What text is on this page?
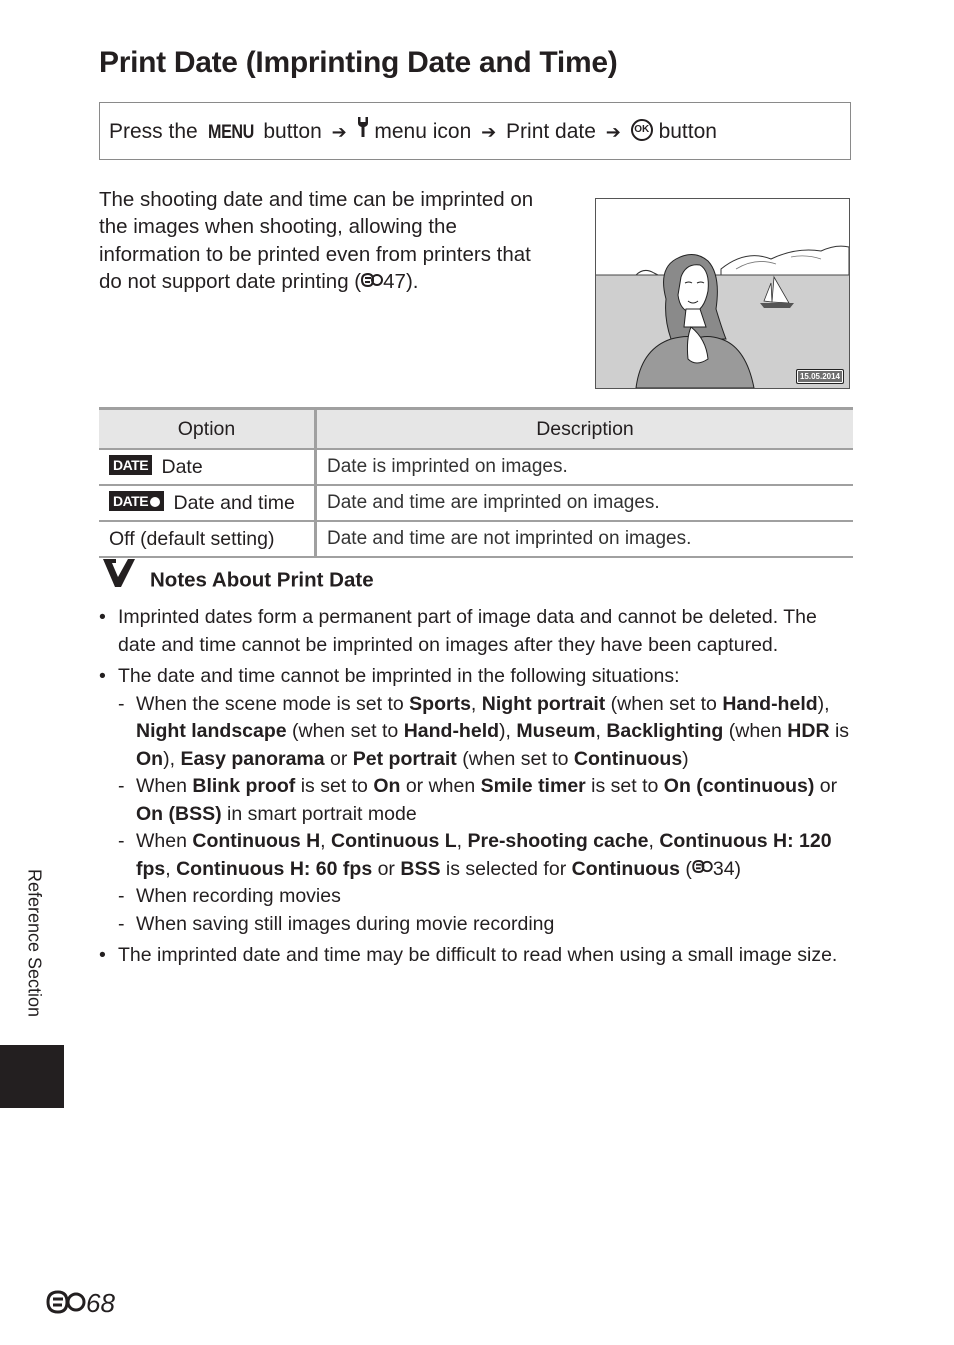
Print Date (Imprinting Date and Time)
Press the MENU button ➔ menu icon ➔ Print date ➔ OK button

The shooting date and time can be imprinted on the images when shooting, allowing the information to be printed even from printers that do not support date printing ( 47).

15.05.2014
Option	Description
DATE Date	Date is imprinted on images.
DATE Date and time	Date and time are imprinted on images.
Off (default setting)	Date and time are not imprinted on images.
Notes About Print Date
• Imprinted dates form a permanent part of image data and cannot be deleted. The date and time cannot be imprinted on images after they have been captured.
• The date and time cannot be imprinted in the following situations:
- When the scene mode is set to Sports, Night portrait (when set to Hand-held), Night landscape (when set to Hand-held), Museum, Backlighting (when HDR is On), Easy panorama or Pet portrait (when set to Continuous)
- When Blink proof is set to On or when Smile timer is set to On (continuous) or On (BSS) in smart portrait mode
- When Continuous H, Continuous L, Pre-shooting cache, Continuous H: 120 fps, Continuous H: 60 fps or BSS is selected for Continuous ( 34)
- When recording movies
- When saving still images during movie recording
• The imprinted date and time may be difficult to read when using a small image size.
Reference Section
68
